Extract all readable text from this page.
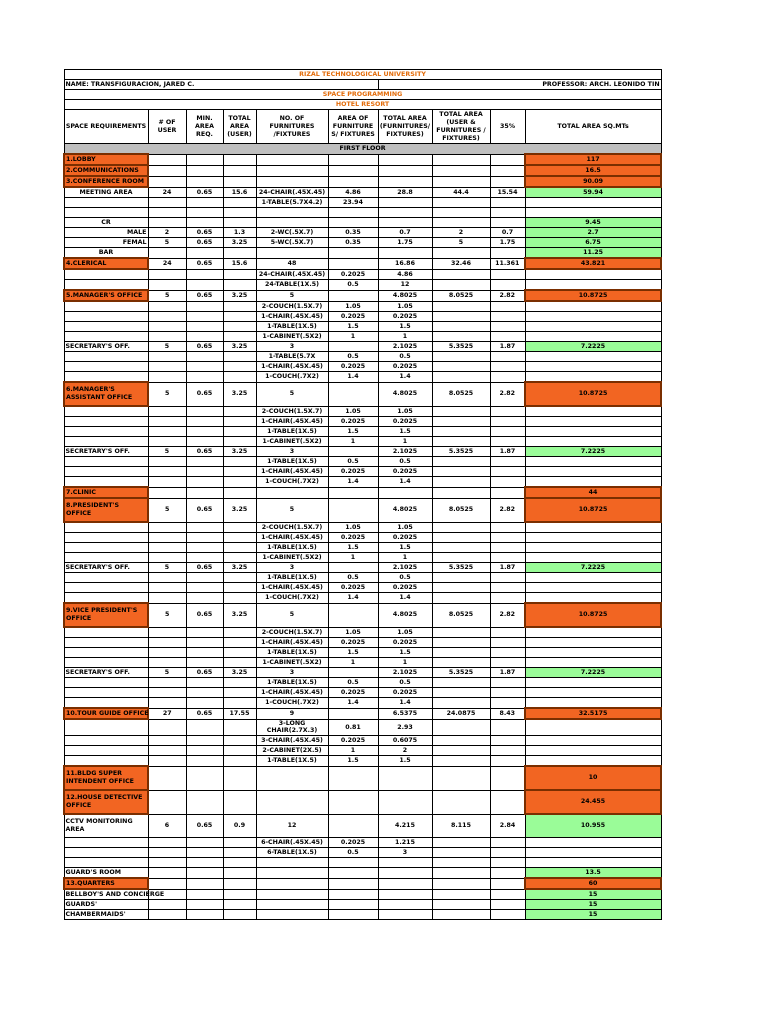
RIZAL TECHNOLOGICAL UNIVERSITY									
NAME: TRANSFIGURACION, JARED C.						PROFESSOR: ARCH. LEONIDO TIN			
SPACE PROGRAMMING									
HOTEL RESORT									
SPACE REQUIREMENTS	# OF USER	MIN. AREA REQ.	TOTAL AREA (USER)	NO. OF FURNITURES /FIXTURES	AREA OF FURNITURE S/ FIXTURES	TOTAL AREA (FURNITURES/ FIXTURES)	TOTAL AREA (USER & FURNITURES / FIXTURES)	35%	TOTAL AREA SQ.MTs
FIRST FLOOR									
1.LOBBY									117
2.COMMUNICATIONS									16.5
3.CONFERENCE ROOM									90.09
MEETING AREA	24	0.65	15.6	24-CHAIR(.45X.45)	4.86	28.8	44.4	15.54	59.94
				1-TABLE(5.7X4.2)	23.94				

CR									9.45
MALE	2	0.65	1.3	2-WC(.5X.7)	0.35	0.7	2	0.7	2.7
FEMAL	5	0.65	3.25	5-WC(.5X.7)	0.35	1.75	5	1.75	6.75
BAR									11.25
4.CLERICAL	24	0.65	15.6	48		16.86	32.46	11.361	43.821
				24-CHAIR(.45X.45)	0.2025	4.86			
				24-TABLE(1X.5)	0.5	12			
5.MANAGER'S OFFICE	5	0.65	3.25	5		4.8025	8.0525	2.82	10.8725
				2-COUCH(1.5X.7)	1.05	1.05			
				1-CHAIR(.45X.45)	0.2025	0.2025			
				1-TABLE(1X.5)	1.5	1.5			
				1-CABINET(.5X2)	1	1			
SECRETARY'S OFF.	5	0.65	3.25	3		2.1025	5.3525	1.87	7.2225
				1-TABLE(5.7X	0.5	0.5			
				1-CHAIR(.45X.45)	0.2025	0.2025			
				1-COUCH(.7X2)	1.4	1.4			
6.MANAGER'S ASSISTANT OFFICE	5	0.65	3.25	5		4.8025	8.0525	2.82	10.8725
				2-COUCH(1.5X.7)	1.05	1.05			
				1-CHAIR(.45X.45)	0.2025	0.2025			
				1-TABLE(1X.5)	1.5	1.5			
				1-CABINET(.5X2)	1	1			
SECRETARY'S OFF.	5	0.65	3.25	3		2.1025	5.3525	1.87	7.2225
				1-TABLE(1X.5)	0.5	0.5			
				1-CHAIR(.45X.45)	0.2025	0.2025			
				1-COUCH(.7X2)	1.4	1.4			
7.CLINIC									44
8.PRESIDENT'S OFFICE	5	0.65	3.25	5		4.8025	8.0525	2.82	10.8725
				2-COUCH(1.5X.7)	1.05	1.05			
				1-CHAIR(.45X.45)	0.2025	0.2025			
				1-TABLE(1X.5)	1.5	1.5			
				1-CABINET(.5X2)	1	1			
SECRETARY'S OFF.	5	0.65	3.25	3		2.1025	5.3525	1.87	7.2225
				1-TABLE(1X.5)	0.5	0.5			
				1-CHAIR(.45X.45)	0.2025	0.2025			
				1-COUCH(.7X2)	1.4	1.4			
9.VICE PRESIDENT'S OFFICE	5	0.65	3.25	5		4.8025	8.0525	2.82	10.8725
				2-COUCH(1.5X.7)	1.05	1.05			
				1-CHAIR(.45X.45)	0.2025	0.2025			
				1-TABLE(1X.5)	1.5	1.5			
				1-CABINET(.5X2)	1	1			
SECRETARY'S OFF.	5	0.65	3.25	3		2.1025	5.3525	1.87	7.2225
				1-TABLE(1X.5)	0.5	0.5			
				1-CHAIR(.45X.45)	0.2025	0.2025			
				1-COUCH(.7X2)	1.4	1.4			
10.TOUR GUIDE OFFICE	27	0.65	17.55	9		6.5375	24.0875	8.43	32.5175
				3-LONG CHAIR(2.7X.3)	0.81	2.93			
				3-CHAIR(.45X.45)	0.2025	0.6075			
				2-CABINET(2X.5)	1	2			
				1-TABLE(1X.5)	1.5	1.5			
11.BLDG SUPER INTENDENT OFFICE									10
12.HOUSE DETECTIVE OFFICE									24.455
CCTV MONITORING AREA	6	0.65	0.9	12		4.215	8.115	2.84	10.955
				6-CHAIR(.45X.45)	0.2025	1.215			
				6-TABLE(1X.5)	0.5	3			

GUARD'S ROOM									13.5
13.QUARTERS									60
BELLBOY'S AND CONCIERGE									15
GUARDS'									15
CHAMBERMAIDS'									15
